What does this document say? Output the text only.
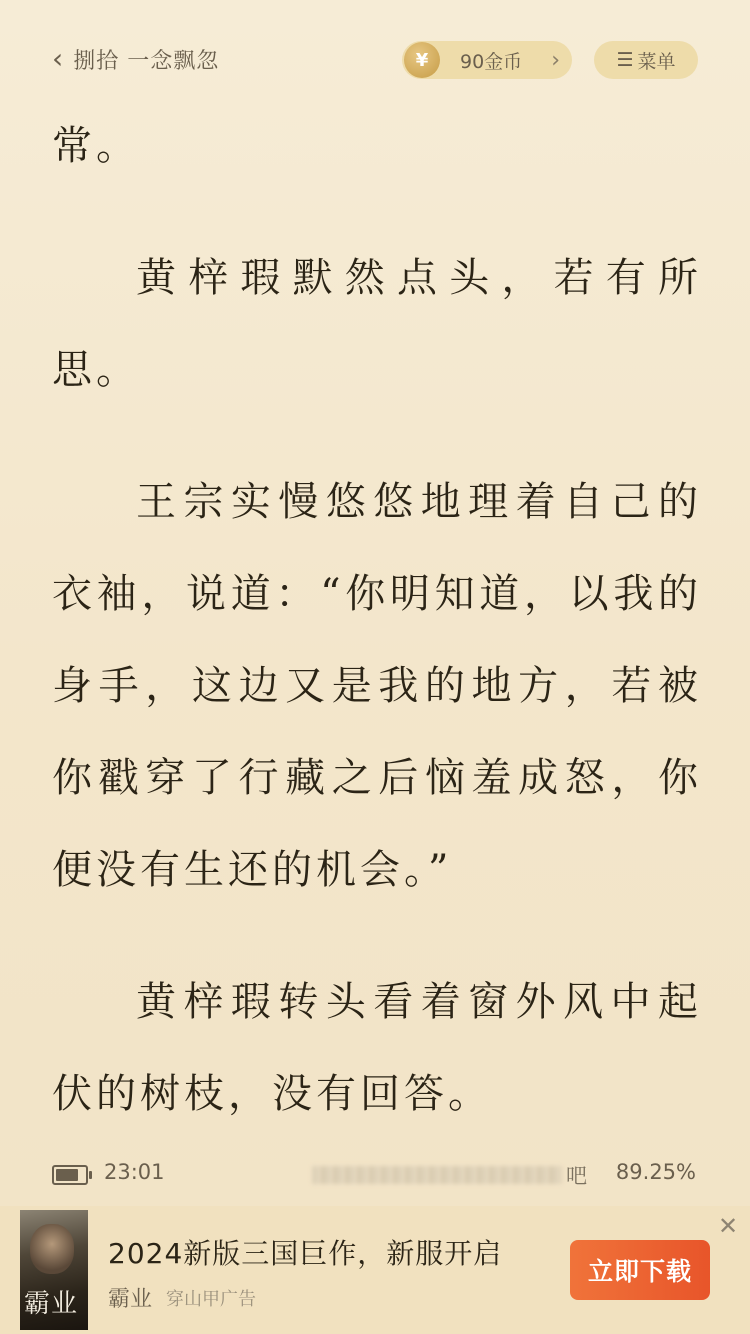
‹ 捌拾 一念飘忽	¥	90金币 ›	☰ 菜单
常。
黄梓瑕默然点头，若有所
思。
王宗实慢悠悠地理着自己的
衣袖，说道：“你明知道，以我的
身手，这边又是我的地方，若被
你戳穿了行藏之后恼羞成怒，你
便没有生还的机会。”
黄梓瑕转头看着窗外风中起
伏的树枝，没有回答。
23:01	吧 89.25%
霸业
2024新版三国巨作，新服开启
霸业 穿山甲广告
立即下载
✕
